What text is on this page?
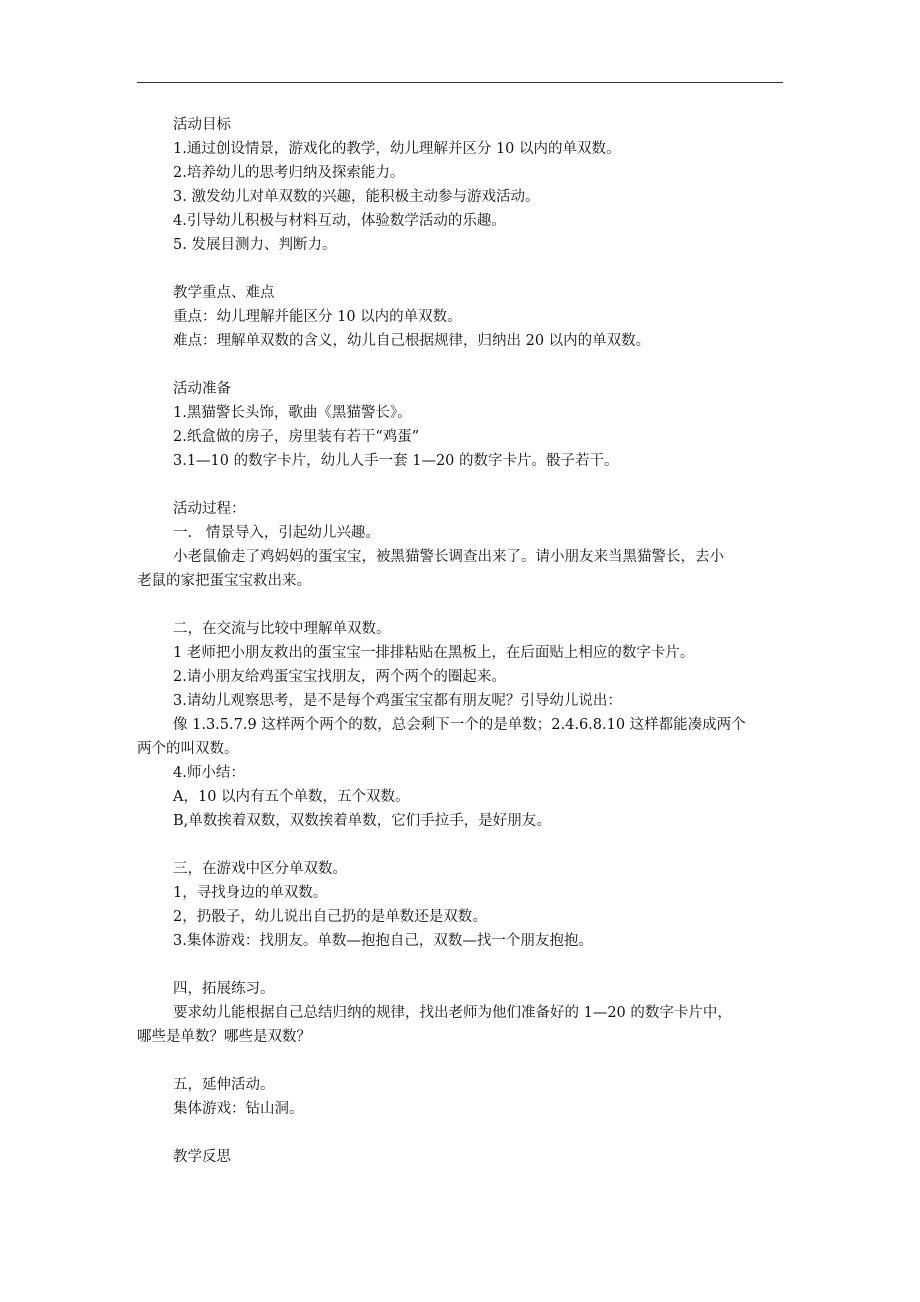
活动目标

1.通过创设情景，游戏化的教学，幼儿理解并区分 10 以内的单双数。

2.培养幼儿的思考归纳及探索能力。

3. 激发幼儿对单双数的兴趣，能积极主动参与游戏活动。

4.引导幼儿积极与材料互动，体验数学活动的乐趣。

5. 发展目测力、判断力。

教学重点、难点

重点：幼儿理解并能区分 10 以内的单双数。

难点：理解单双数的含义，幼儿自己根据规律，归纳出 20 以内的单双数。

活动准备

1.黑猫警长头饰，歌曲《黑猫警长》。

2.纸盒做的房子，房里装有若干“鸡蛋”

3.1—10 的数字卡片，幼儿人手一套 1—20 的数字卡片。骰子若干。

活动过程：

一.   情景导入，引起幼儿兴趣。

小老鼠偷走了鸡妈妈的蛋宝宝，被黑猫警长调查出来了。请小朋友来当黑猫警长，去小

老鼠的家把蛋宝宝救出来。

二，在交流与比较中理解单双数。

1 老师把小朋友救出的蛋宝宝一排排粘贴在黑板上，在后面贴上相应的数字卡片。

2.请小朋友给鸡蛋宝宝找朋友，两个两个的圈起来。

3.请幼儿观察思考，是不是每个鸡蛋宝宝都有朋友呢？引导幼儿说出：

像 1.3.5.7.9 这样两个两个的数，总会剩下一个的是单数；2.4.6.8.10 这样都能凑成两个

两个的叫双数。

4.师小结：

A，10 以内有五个单数，五个双数。

B,单数挨着双数，双数挨着单数，它们手拉手，是好朋友。

三，在游戏中区分单双数。

1，寻找身边的单双数。

2，扔骰子，幼儿说出自己扔的是单数还是双数。

3.集体游戏：找朋友。单数—抱抱自己，双数—找一个朋友抱抱。

四，拓展练习。

要求幼儿能根据自己总结归纳的规律，找出老师为他们准备好的 1—20 的数字卡片中，

哪些是单数？哪些是双数？

五，延伸活动。

集体游戏：钻山洞。

教学反思
